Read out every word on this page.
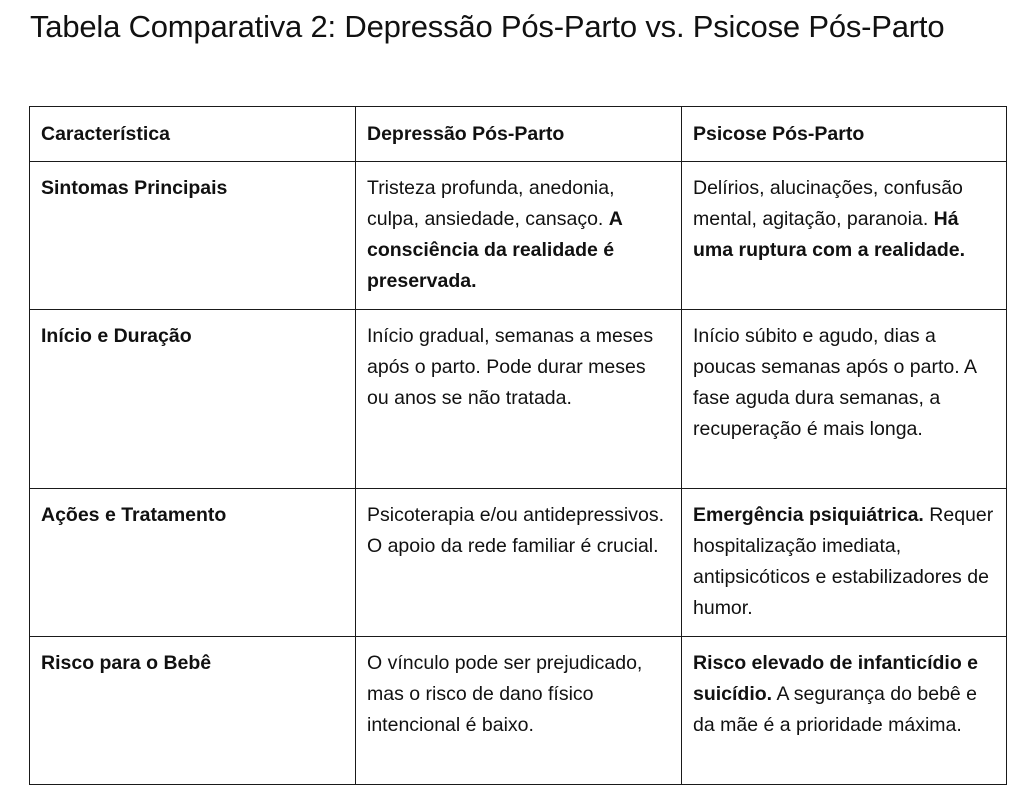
Tabela Comparativa 2: Depressão Pós-Parto vs. Psicose Pós-Parto
Característica	Depressão Pós-Parto	Psicose Pós-Parto
Sintomas Principais	Tristeza profunda, anedonia, culpa, ansiedade, cansaço. A consciência da realidade é preservada.	Delírios, alucinações, confusão mental, agitação, paranoia. Há uma ruptura com a realidade.
Início e Duração	Início gradual, semanas a meses após o parto. Pode durar meses ou anos se não tratada.	Início súbito e agudo, dias a poucas semanas após o parto. A fase aguda dura semanas, a recuperação é mais longa.
Ações e Tratamento	Psicoterapia e/ou antidepressivos. O apoio da rede familiar é crucial.	Emergência psiquiátrica. Requer hospitalização imediata, antipsicóticos e estabilizadores de humor.
Risco para o Bebê	O vínculo pode ser prejudicado, mas o risco de dano físico intencional é baixo.	Risco elevado de infanticídio e suicídio. A segurança do bebê e da mãe é a prioridade máxima.
